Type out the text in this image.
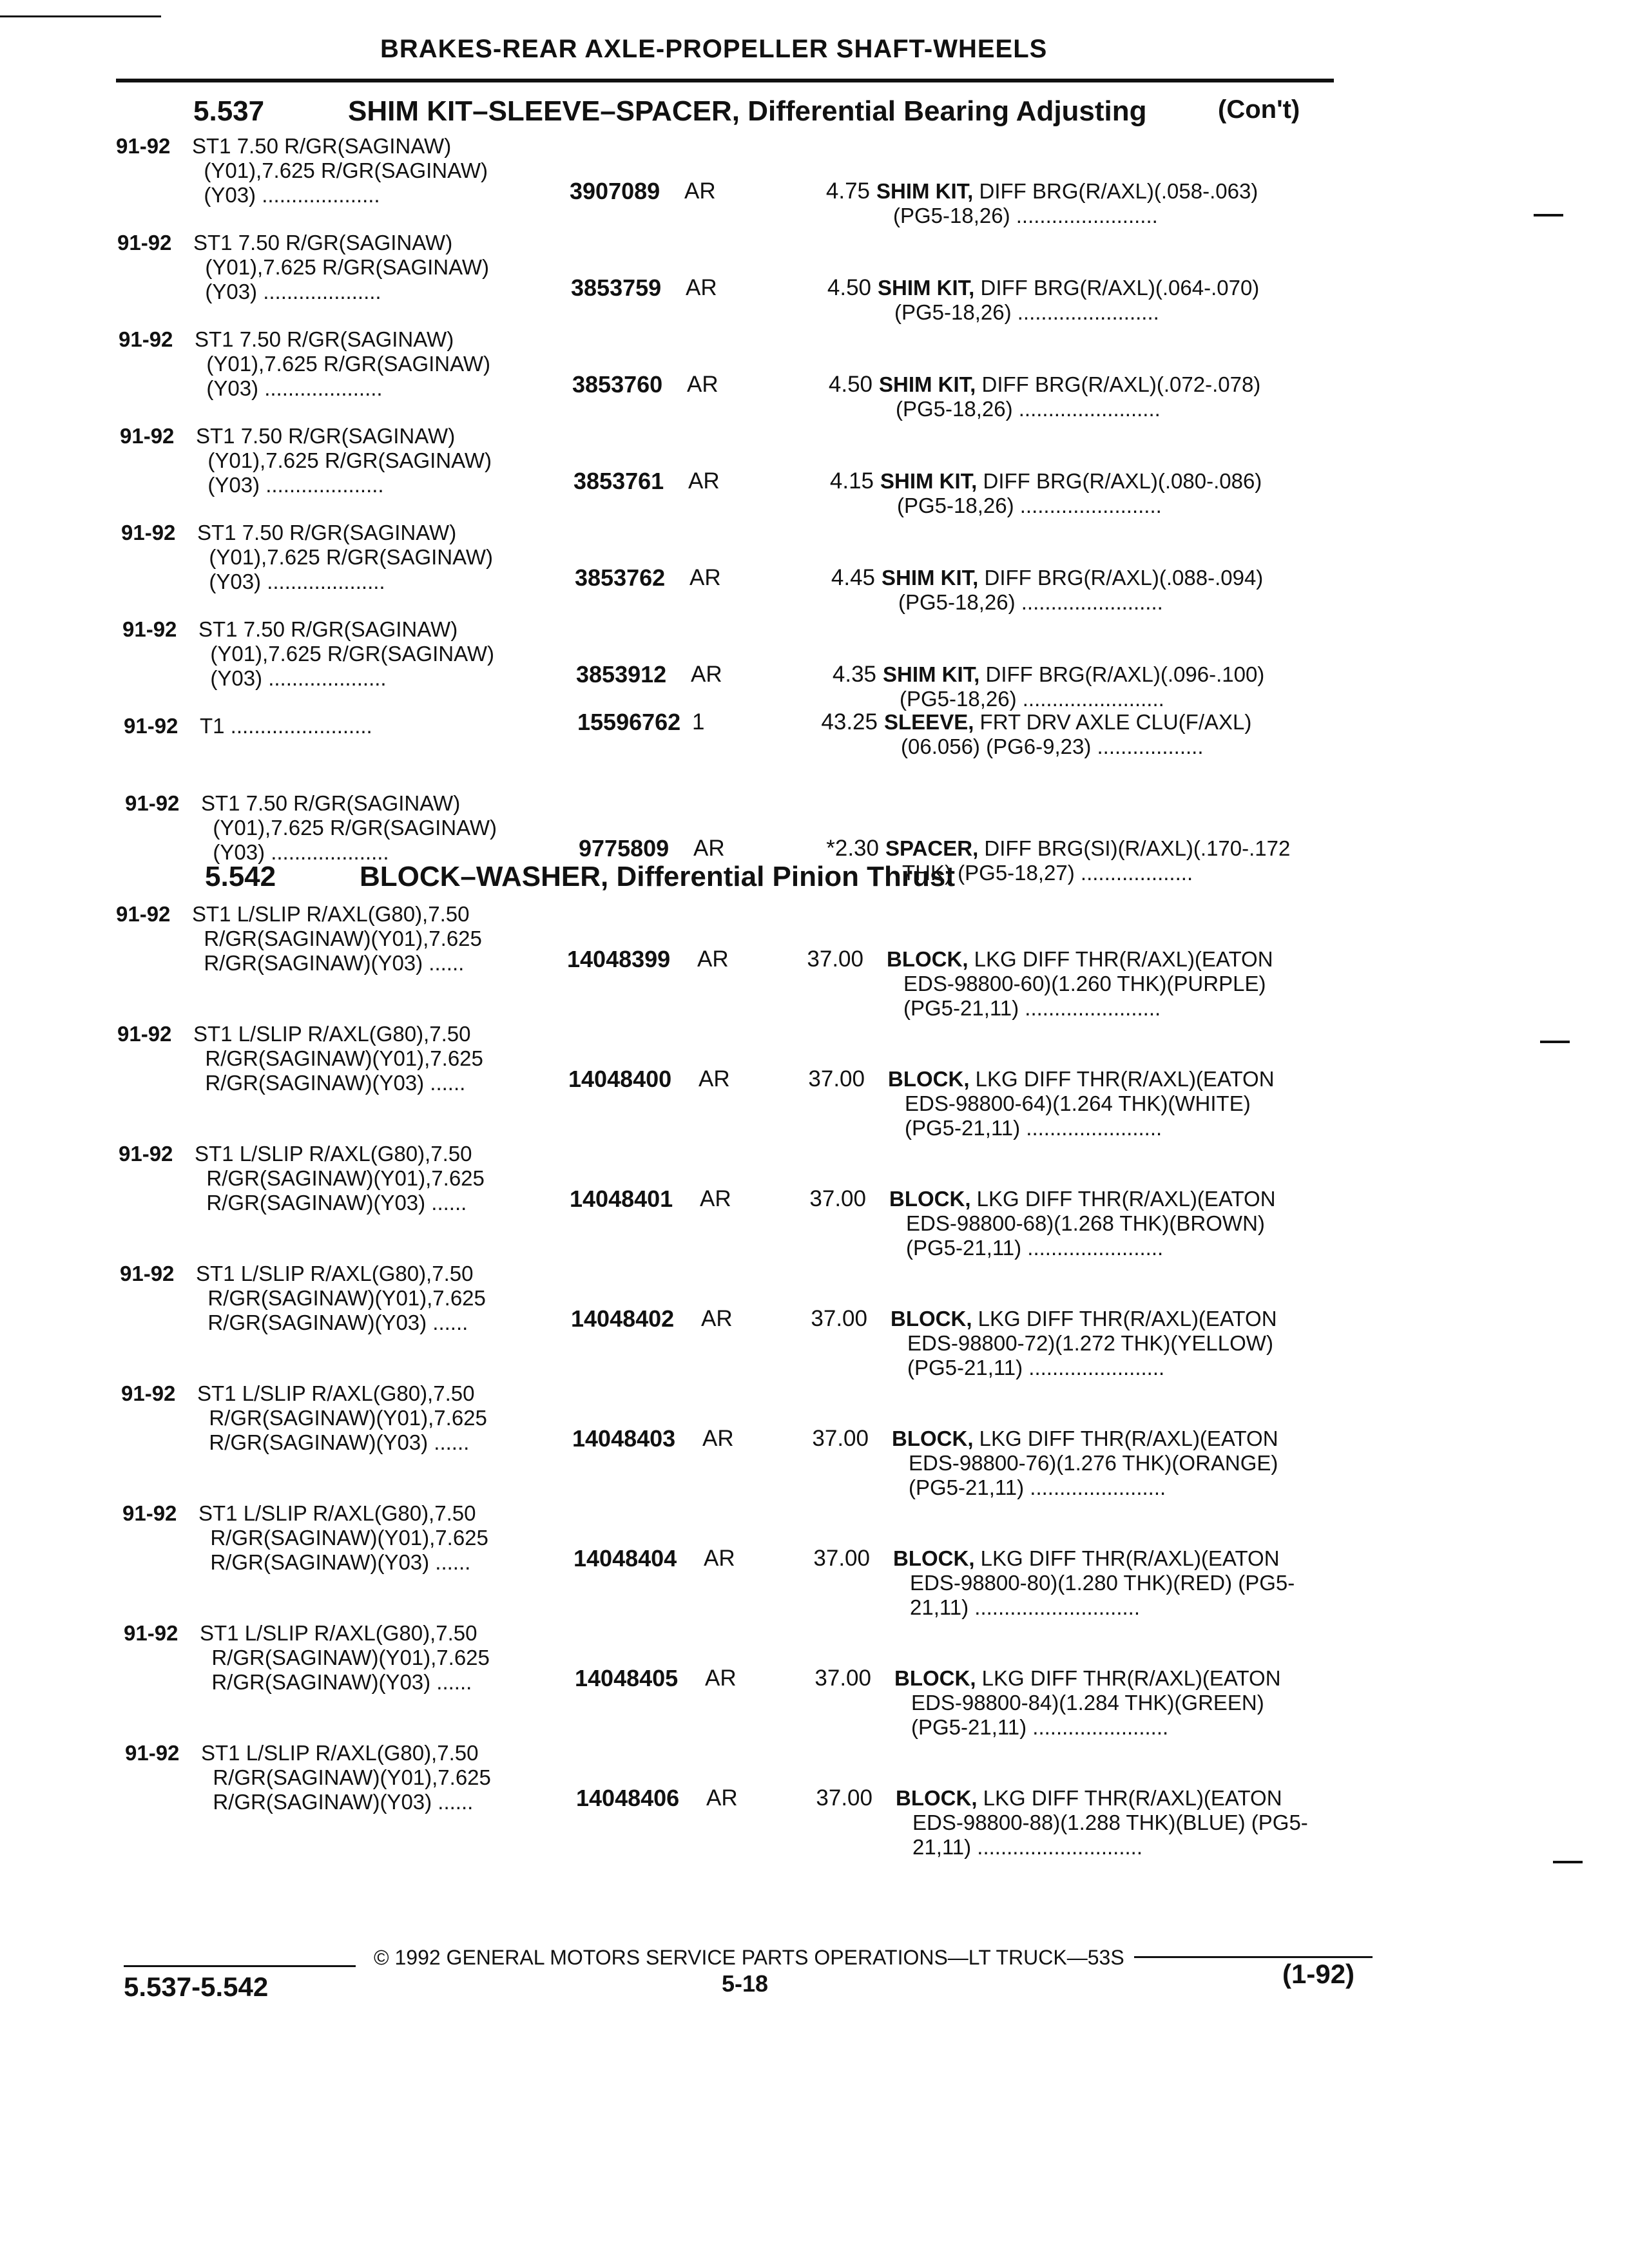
BRAKES-REAR AXLE-PROPELLER SHAFT-WHEELS
5.537	SHIM KIT–SLEEVE–SPACER, Differential Bearing Adjusting	(Con't)
91-92 ST1 7.50 R/GR(SAGINAW)
(Y01),7.625 R/GR(SAGINAW)
(Y03) ....................	3907089 AR	4.75 SHIM KIT, DIFF BRG(R/AXL)(.058-.063)
(PG5-18,26) ........................
91-92 ST1 7.50 R/GR(SAGINAW)
(Y01),7.625 R/GR(SAGINAW)
(Y03) ....................	3853759 AR	4.50 SHIM KIT, DIFF BRG(R/AXL)(.064-.070)
(PG5-18,26) ........................
91-92 ST1 7.50 R/GR(SAGINAW)
(Y01),7.625 R/GR(SAGINAW)
(Y03) ....................	3853760 AR	4.50 SHIM KIT, DIFF BRG(R/AXL)(.072-.078)
(PG5-18,26) ........................
91-92 ST1 7.50 R/GR(SAGINAW)
(Y01),7.625 R/GR(SAGINAW)
(Y03) ....................	3853761 AR	4.15 SHIM KIT, DIFF BRG(R/AXL)(.080-.086)
(PG5-18,26) ........................
91-92 ST1 7.50 R/GR(SAGINAW)
(Y01),7.625 R/GR(SAGINAW)
(Y03) ....................	3853762 AR	4.45 SHIM KIT, DIFF BRG(R/AXL)(.088-.094)
(PG5-18,26) ........................
91-92 ST1 7.50 R/GR(SAGINAW)
(Y01),7.625 R/GR(SAGINAW)
(Y03) ....................	3853912 AR	4.35 SHIM KIT, DIFF BRG(R/AXL)(.096-.100)
(PG5-18,26) ........................
91-92 T1 ........................	15596762 1	43.25 SLEEVE, FRT DRV AXLE CLU(F/AXL)
(06.056) (PG6-9,23) ..................
91-92 ST1 7.50 R/GR(SAGINAW)
(Y01),7.625 R/GR(SAGINAW)
(Y03) ....................	9775809 AR	*2.30 SPACER, DIFF BRG(SI)(R/AXL)(.170-.172
THK) (PG5-18,27) ...................
5.542	BLOCK–WASHER, Differential Pinion Thrust
91-92 ST1 L/SLIP R/AXL(G80),7.50
R/GR(SAGINAW)(Y01),7.625
R/GR(SAGINAW)(Y03) ......	14048399 AR	37.00 BLOCK, LKG DIFF THR(R/AXL)(EATON
EDS-98800-60)(1.260 THK)(PURPLE)
(PG5-21,11) .......................
91-92 ST1 L/SLIP R/AXL(G80),7.50
R/GR(SAGINAW)(Y01),7.625
R/GR(SAGINAW)(Y03) ......	14048400 AR	37.00 BLOCK, LKG DIFF THR(R/AXL)(EATON
EDS-98800-64)(1.264 THK)(WHITE)
(PG5-21,11) .......................
91-92 ST1 L/SLIP R/AXL(G80),7.50
R/GR(SAGINAW)(Y01),7.625
R/GR(SAGINAW)(Y03) ......	14048401 AR	37.00 BLOCK, LKG DIFF THR(R/AXL)(EATON
EDS-98800-68)(1.268 THK)(BROWN)
(PG5-21,11) .......................
91-92 ST1 L/SLIP R/AXL(G80),7.50
R/GR(SAGINAW)(Y01),7.625
R/GR(SAGINAW)(Y03) ......	14048402 AR	37.00 BLOCK, LKG DIFF THR(R/AXL)(EATON
EDS-98800-72)(1.272 THK)(YELLOW)
(PG5-21,11) .......................
91-92 ST1 L/SLIP R/AXL(G80),7.50
R/GR(SAGINAW)(Y01),7.625
R/GR(SAGINAW)(Y03) ......	14048403 AR	37.00 BLOCK, LKG DIFF THR(R/AXL)(EATON
EDS-98800-76)(1.276 THK)(ORANGE)
(PG5-21,11) .......................
91-92 ST1 L/SLIP R/AXL(G80),7.50
R/GR(SAGINAW)(Y01),7.625
R/GR(SAGINAW)(Y03) ......	14048404 AR	37.00 BLOCK, LKG DIFF THR(R/AXL)(EATON
EDS-98800-80)(1.280 THK)(RED) (PG5-
21,11) ............................
91-92 ST1 L/SLIP R/AXL(G80),7.50
R/GR(SAGINAW)(Y01),7.625
R/GR(SAGINAW)(Y03) ......	14048405 AR	37.00 BLOCK, LKG DIFF THR(R/AXL)(EATON
EDS-98800-84)(1.284 THK)(GREEN)
(PG5-21,11) .......................
91-92 ST1 L/SLIP R/AXL(G80),7.50
R/GR(SAGINAW)(Y01),7.625
R/GR(SAGINAW)(Y03) ......	14048406 AR	37.00 BLOCK, LKG DIFF THR(R/AXL)(EATON
EDS-98800-88)(1.288 THK)(BLUE) (PG5-
21,11) ............................
© 1992 GENERAL MOTORS SERVICE PARTS OPERATIONS—LT TRUCK—53S
5.537-5.542	5-18	(1-92)
